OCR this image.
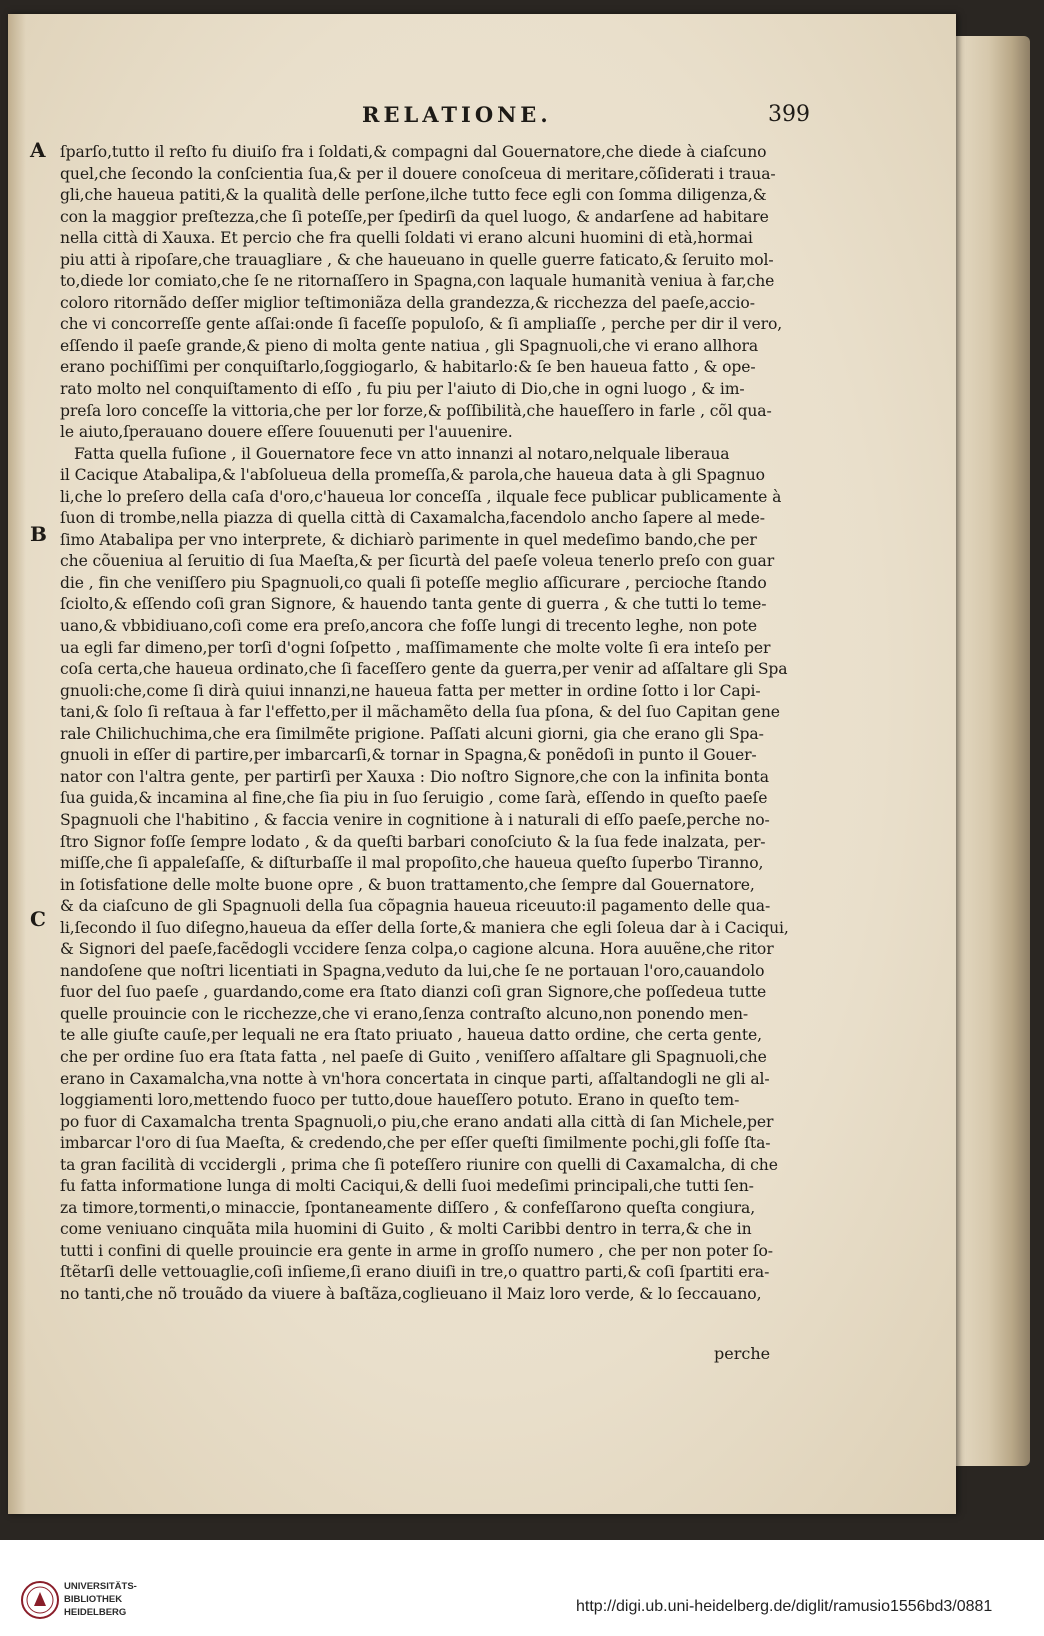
RELATIONE.	399
A
B
C
ſparſo,tutto il reſto fu diuiſo fra i ſoldati,& compagni dal Gouernatore,che diede à ciaſcuno
quel,che ſecondo la conſcientia ſua,& per il douere conoſceua di meritare,cõſiderati i traua-
gli,che haueua patiti,& la qualità delle perſone,ilche tutto fece egli con ſomma diligenza,&
con la maggior preſtezza,che ſi poteſſe,per ſpedirſi da quel luogo, & andarſene ad habitare
nella città di Xauxa. Et percio che fra quelli ſoldati vi erano alcuni huomini di età,hormai
piu atti à ripoſare,che trauagliare , & che haueuano in quelle guerre faticato,& ſeruito mol-
to,diede lor comiato,che ſe ne ritornaſſero in Spagna,con laquale humanità veniua à far,che
coloro ritornãdo deſſer miglior teſtimoniãza della grandezza,& ricchezza del paeſe,accio-
che vi concorreſſe gente aſſai:onde ſi faceſſe populoſo, & ſi ampliaſſe , perche per dir il vero,
eſſendo il paeſe grande,& pieno di molta gente natiua , gli Spagnuoli,che vi erano allhora
erano pochiſſimi per conquiſtarlo,ſoggiogarlo, & habitarlo:& ſe ben haueua fatto , & ope-
rato molto nel conquiſtamento di eſſo , fu piu per l'aiuto di Dio,che in ogni luogo , & im-
preſa loro conceſſe la vittoria,che per lor forze,& poſſibilità,che haueſſero in farle , cõl qua-
le aiuto,ſperauano douere eſſere ſouuenuti per l'auuenire.
Fatta quella fuſione , il Gouernatore fece vn atto innanzi al notaro,nelquale liberaua
il Cacique Atabalipa,& l'abſolueua della promeſſa,& parola,che haueua data à gli Spagnuo
li,che lo preſero della caſa d'oro,c'haueua lor conceſſa , ilquale fece publicar publicamente à
ſuon di trombe,nella piazza di quella città di Caxamalcha,facendolo ancho ſapere al mede-
ſimo Atabalipa per vno interprete, & dichiarò parimente in quel medeſimo bando,che per
che cõueniua al ſeruitio di ſua Maeſta,& per ſicurtà del paeſe voleua tenerlo preſo con guar
die , fin che veniſſero piu Spagnuoli,co quali ſi poteſſe meglio aſſicurare , percioche ſtando
ſciolto,& eſſendo coſi gran Signore, & hauendo tanta gente di guerra , & che tutti lo teme-
uano,& vbbidiuano,coſi come era preſo,ancora che foſſe lungi di trecento leghe, non pote
ua egli far dimeno,per torſi d'ogni ſoſpetto , maſſimamente che molte volte ſi era inteſo per
coſa certa,che haueua ordinato,che ſi faceſſero gente da guerra,per venir ad aſſaltare gli Spa
gnuoli:che,come ſi dirà quiui innanzi,ne haueua fatta per metter in ordine ſotto i lor Capi-
tani,& ſolo ſi reſtaua à far l'effetto,per il mãchamẽto della ſua pſona, & del ſuo Capitan gene
rale Chilichuchima,che era ſimilmẽte prigione. Paſſati alcuni giorni, gia che erano gli Spa-
gnuoli in eſſer di partire,per imbarcarſi,& tornar in Spagna,& ponẽdoſi in punto il Gouer-
nator con l'altra gente, per partirſi per Xauxa : Dio noſtro Signore,che con la infinita bonta
ſua guida,& incamina al fine,che ſia piu in ſuo ſeruigio , come ſarà, eſſendo in queſto paeſe
Spagnuoli che l'habitino , & faccia venire in cognitione à i naturali di eſſo paeſe,perche no-
ſtro Signor foſſe ſempre lodato , & da queſti barbari conoſciuto & la ſua fede inalzata, per-
miſſe,che ſi appaleſaſſe, & diſturbaſſe il mal propoſito,che haueua queſto ſuperbo Tiranno,
in ſotisfatione delle molte buone opre , & buon trattamento,che ſempre dal Gouernatore,
& da ciaſcuno de gli Spagnuoli della ſua cõpagnia haueua riceuuto:il pagamento delle qua-
li,ſecondo il ſuo diſegno,haueua da eſſer della ſorte,& maniera che egli ſoleua dar à i Caciqui,
& Signori del paeſe,facẽdogli vccidere ſenza colpa,o cagione alcuna. Hora auuẽne,che ritor
nandoſene que noſtri licentiati in Spagna,veduto da lui,che ſe ne portauan l'oro,cauandolo
fuor del ſuo paeſe , guardando,come era ſtato dianzi coſi gran Signore,che poſſedeua tutte
quelle prouincie con le ricchezze,che vi erano,ſenza contraſto alcuno,non ponendo men-
te alle giuſte cauſe,per lequali ne era ſtato priuato , haueua datto ordine, che certa gente,
che per ordine ſuo era ſtata fatta , nel paeſe di Guito , veniſſero aſſaltare gli Spagnuoli,che
erano in Caxamalcha,vna notte à vn'hora concertata in cinque parti, aſſaltandogli ne gli al-
loggiamenti loro,mettendo fuoco per tutto,doue haueſſero potuto. Erano in queſto tem-
po fuor di Caxamalcha trenta Spagnuoli,o piu,che erano andati alla città di ſan Michele,per
imbarcar l'oro di ſua Maeſta, & credendo,che per eſſer queſti ſimilmente pochi,gli foſſe ſta-
ta gran facilità di vccidergli , prima che ſi poteſſero riunire con quelli di Caxamalcha, di che
fu fatta informatione lunga di molti Caciqui,& delli ſuoi medeſimi principali,che tutti ſen-
za timore,tormenti,o minaccie, ſpontaneamente diſſero , & confeſſarono queſta congiura,
come veniuano cinquãta mila huomini di Guito , & molti Caribbi dentro in terra,& che in
tutti i confini di quelle prouincie era gente in arme in groſſo numero , che per non poter ſo-
ſtẽtarſi delle vettouaglie,coſi inſieme,ſi erano diuiſi in tre,o quattro parti,& coſi ſpartiti era-
no tanti,che nõ trouãdo da viuere à baſtãza,coglieuano il Maiz loro verde, & lo ſeccauano,
perche
UNIVERSITÄTS-
BIBLIOTHEK
HEIDELBERG	http://digi.ub.uni-heidelberg.de/diglit/ramusio1556bd3/0881
